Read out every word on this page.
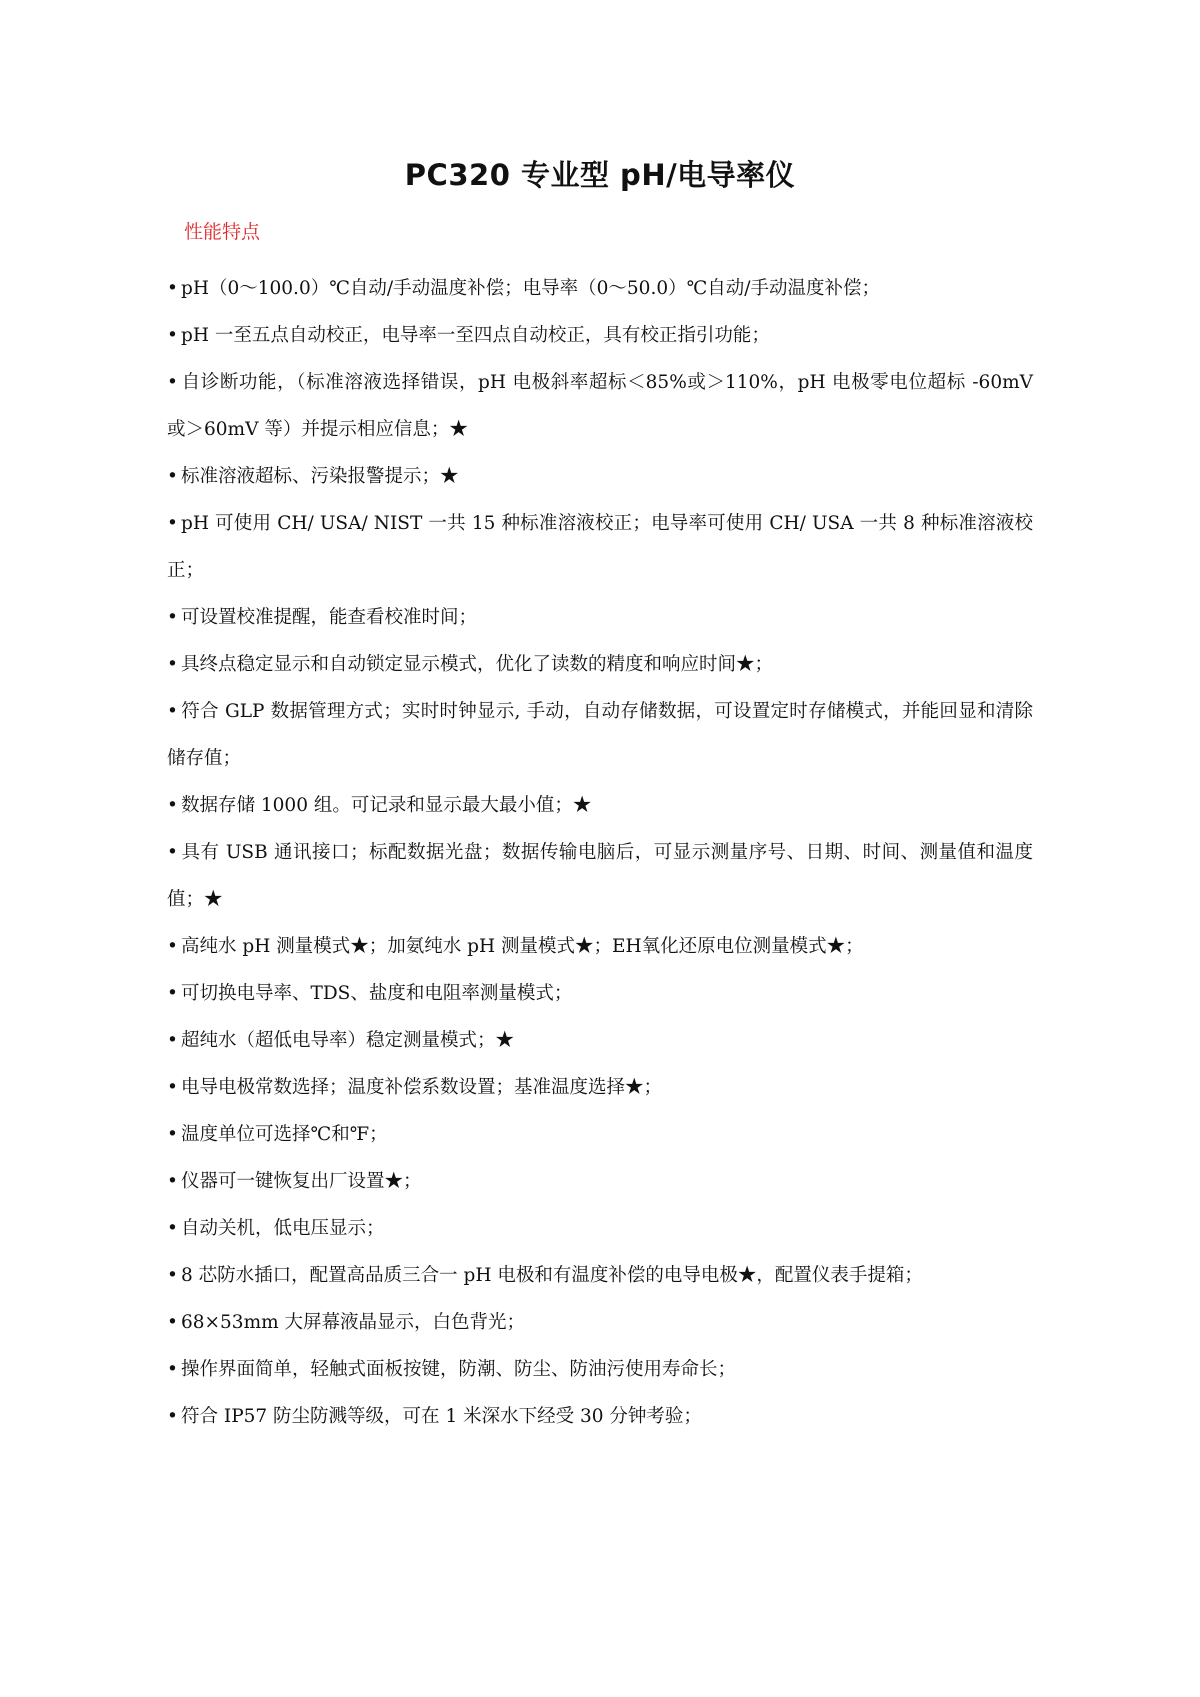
PC320 专业型 pH/电导率仪
性能特点
• pH（0～100.0）℃自动/手动温度补偿；电导率（0～50.0）℃自动/手动温度补偿；
• pH 一至五点自动校正，电导率一至四点自动校正，具有校正指引功能；
• 自诊断功能，（标准溶液选择错误，pH 电极斜率超标＜85%或＞110%，pH 电极零电位超标 -60mV 或＞60mV 等）并提示相应信息；★
• 标准溶液超标、污染报警提示；★
• pH 可使用 CH/ USA/ NIST 一共 15 种标准溶液校正；电导率可使用 CH/ USA 一共 8 种标准溶液校正；
• 可设置校准提醒，能查看校准时间；
• 具终点稳定显示和自动锁定显示模式，优化了读数的精度和响应时间★；
• 符合 GLP 数据管理方式；实时时钟显示, 手动，自动存储数据，可设置定时存储模式，并能回显和清除储存值；
• 数据存储 1000 组。可记录和显示最大最小值；★
• 具有 USB 通讯接口；标配数据光盘；数据传输电脑后，可显示测量序号、日期、时间、测量值和温度值；★
• 高纯水 pH 测量模式★；加氨纯水 pH 测量模式★；EH氧化还原电位测量模式★；
• 可切换电导率、TDS、盐度和电阻率测量模式；
• 超纯水（超低电导率）稳定测量模式；★
• 电导电极常数选择；温度补偿系数设置；基准温度选择★；
• 温度单位可选择℃和℉；
• 仪器可一键恢复出厂设置★；
• 自动关机，低电压显示；
• 8 芯防水插口，配置高品质三合一 pH 电极和有温度补偿的电导电极★，配置仪表手提箱；
• 68×53mm 大屏幕液晶显示，白色背光；
• 操作界面简单，轻触式面板按键，防潮、防尘、防油污使用寿命长；
• 符合 IP57 防尘防溅等级，可在 1 米深水下经受 30 分钟考验；
